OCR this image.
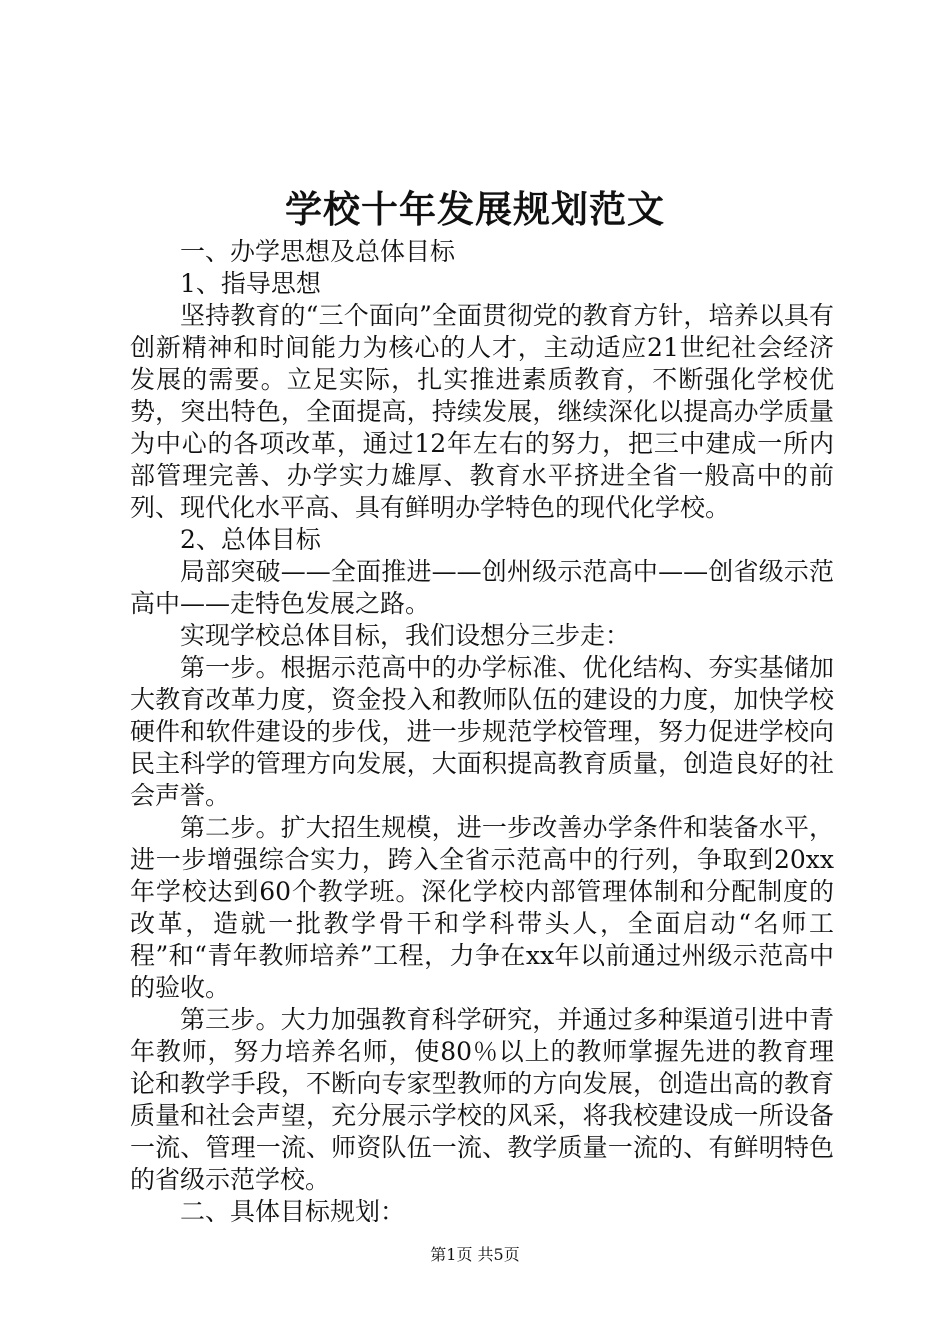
学校十年发展规划范文

一、办学思想及总体目标

1、指导思想

坚持教育的“三个面向”全面贯彻党的教育方针，培养以具有创新精神和时间能力为核心的人才，主动适应21世纪社会经济发展的需要。立足实际，扎实推进素质教育，不断强化学校优势，突出特色，全面提高，持续发展，继续深化以提高办学质量为中心的各项改革，通过12年左右的努力，把三中建成一所内部管理完善、办学实力雄厚、教育水平挤进全省一般高中的前列、现代化水平高、具有鲜明办学特色的现代化学校。

2、总体目标

局部突破——全面推进——创州级示范高中——创省级示范高中——走特色发展之路。

实现学校总体目标，我们设想分三步走：

第一步。根据示范高中的办学标准、优化结构、夯实基储加大教育改革力度，资金投入和教师队伍的建设的力度，加快学校硬件和软件建设的步伐，进一步规范学校管理，努力促进学校向民主科学的管理方向发展，大面积提高教育质量，创造良好的社会声誉。

第二步。扩大招生规模，进一步改善办学条件和装备水平，进一步增强综合实力，跨入全省示范高中的行列，争取到20xx年学校达到60个教学班。深化学校内部管理体制和分配制度的改革，造就一批教学骨干和学科带头人，全面启动“名师工程”和“青年教师培养”工程，力争在xx年以前通过州级示范高中的验收。

第三步。大力加强教育科学研究，并通过多种渠道引进中青年教师，努力培养名师，使80％以上的教师掌握先进的教育理论和教学手段，不断向专家型教师的方向发展，创造出高的教育质量和社会声望，充分展示学校的风采，将我校建设成一所设备一流、管理一流、师资队伍一流、教学质量一流的、有鲜明特色的省级示范学校。

二、具体目标规划：

第1页 共5页
